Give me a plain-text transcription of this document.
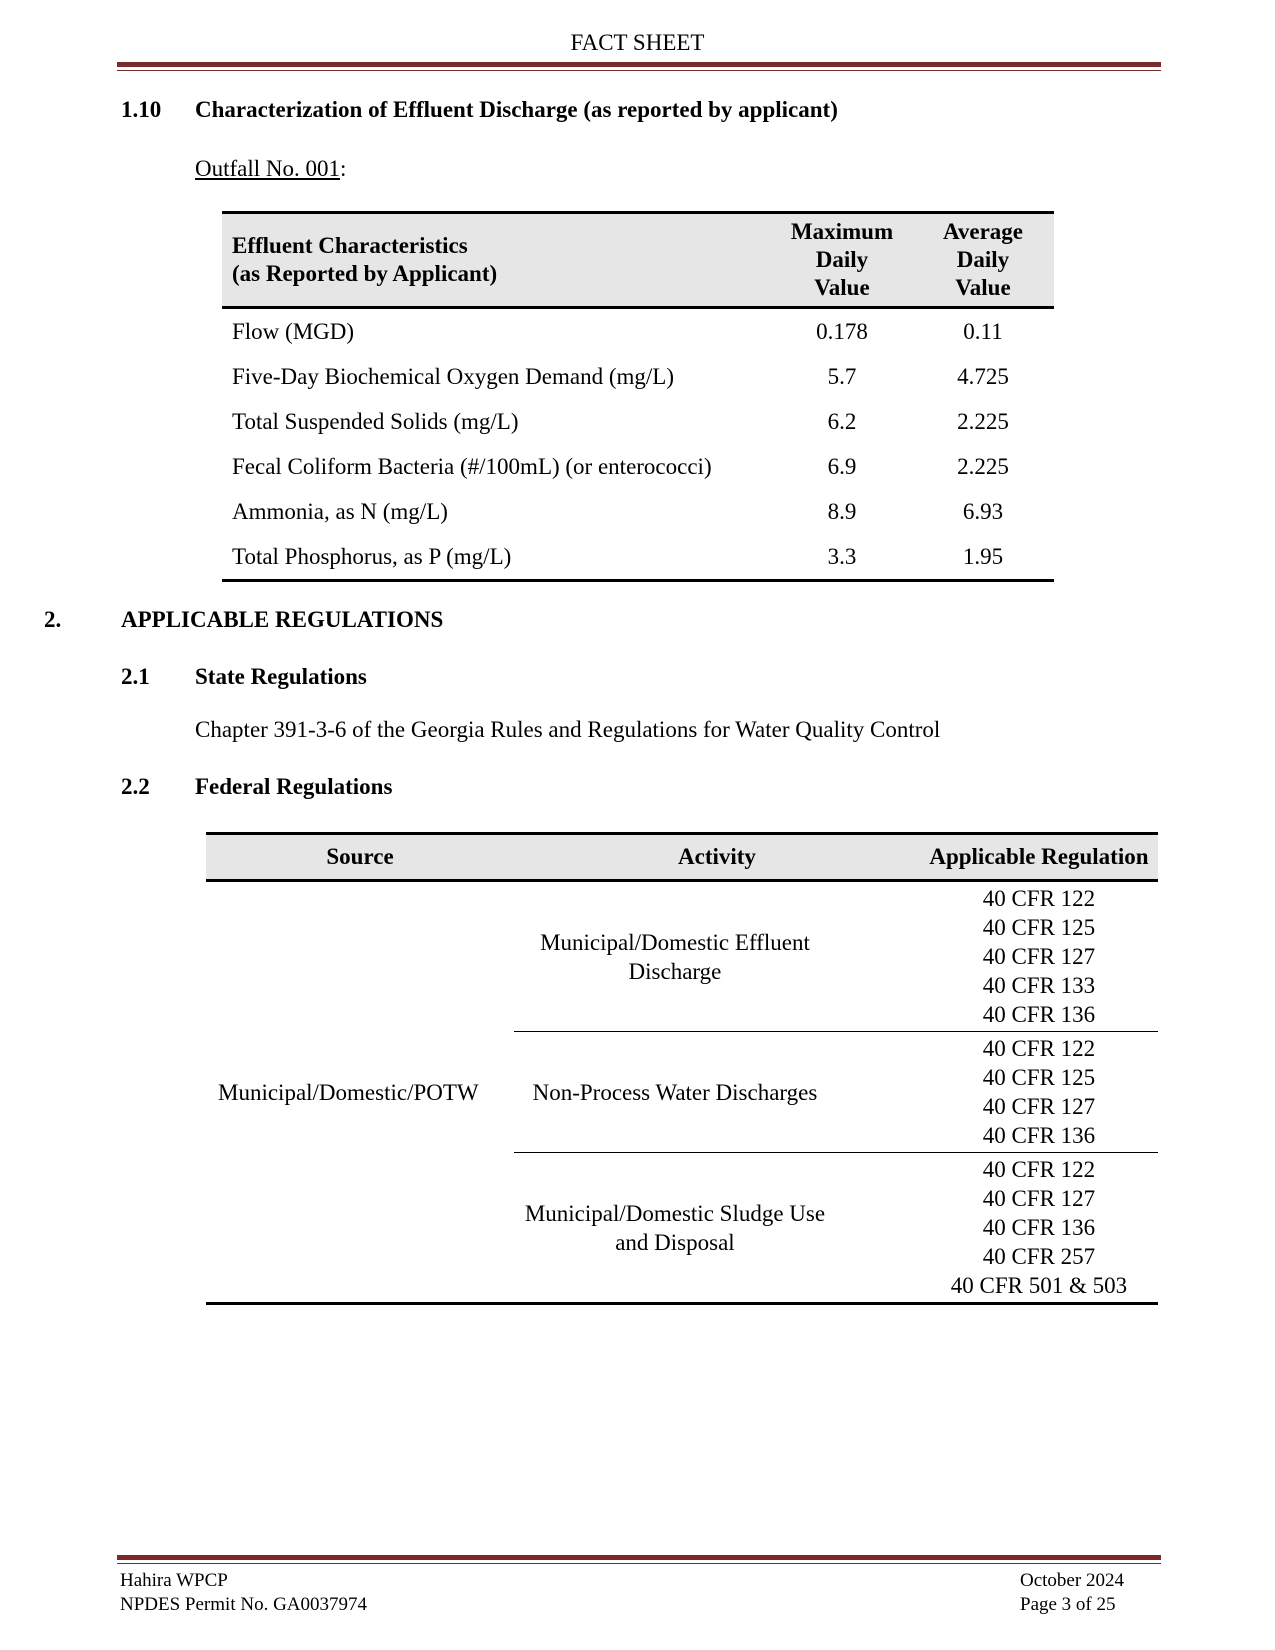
FACT SHEET
1.10 Characterization of Effluent Discharge (as reported by applicant)
Outfall No. 001:
Effluent Characteristics
(as Reported by Applicant)	Maximum
Daily
Value	Average
Daily
Value
Flow (MGD)	0.178	0.11
Five-Day Biochemical Oxygen Demand (mg/L)	5.7	4.725
Total Suspended Solids (mg/L)	6.2	2.225
Fecal Coliform Bacteria (#/100mL) (or enterococci)	6.9	2.225
Ammonia, as N (mg/L)	8.9	6.93
Total Phosphorus, as P (mg/L)	3.3	1.95
2.	APPLICABLE REGULATIONS
2.1 State Regulations
Chapter 391-3-6 of the Georgia Rules and Regulations for Water Quality Control
2.2 Federal Regulations
Source	Activity	Applicable Regulation
Municipal/Domestic/POTW	Municipal/Domestic Effluent
Discharge	40 CFR 122
40 CFR 125
40 CFR 127
40 CFR 133
40 CFR 136

	Non-Process Water Discharges	40 CFR 122
40 CFR 125
40 CFR 127
40 CFR 136

	Municipal/Domestic Sludge Use
and Disposal	40 CFR 122
40 CFR 127
40 CFR 136
40 CFR 257
40 CFR 501 & 503
Hahira WPCP
NPDES Permit No. GA0037974
October 2024
Page 3 of 25
